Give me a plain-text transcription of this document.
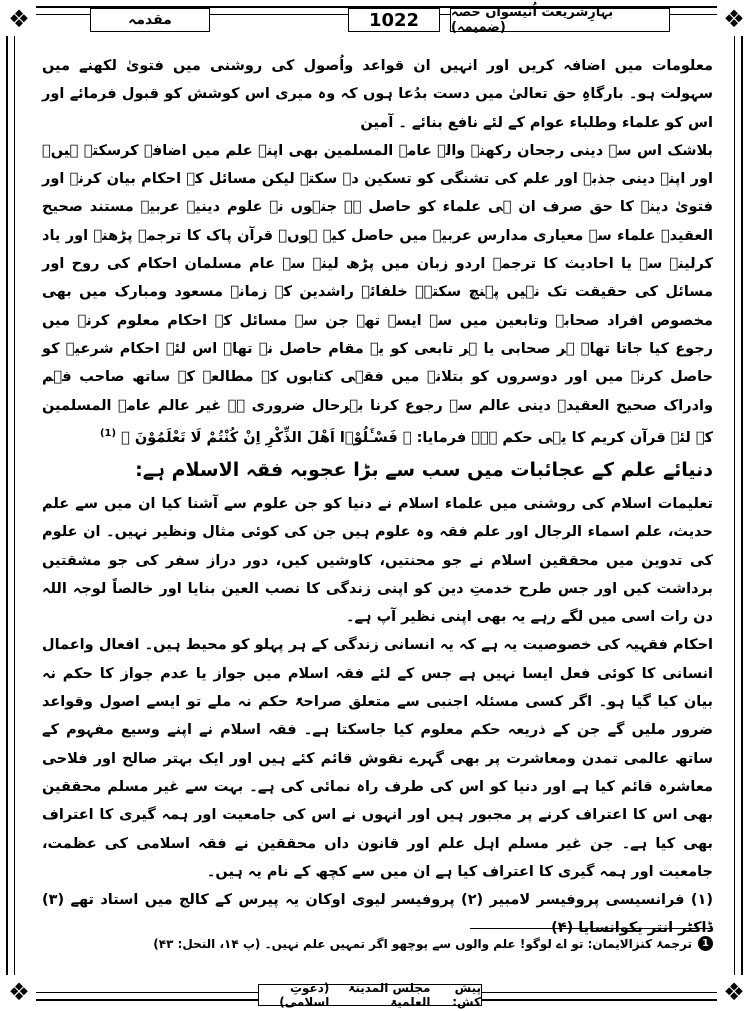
❖	❖
❖	❖
مقدمہ	1022	بہارِشریعت اُنیسواں حصہ (ضمیمہ)

معلومات میں اضافہ کریں اور انہیں ان قواعد واُصول کی روشنی میں فتویٰ لکھنے میں سہولت ہو۔ بارگاہِ حق تعالیٰ میں دست بدُعا ہوں کہ وہ میری اس کوشش کو قبول فرمائے اور اس کو علماء وطلباء عوام کے لئے نافع بنائے ۔ آمین

بلاشک اس سے دینی رجحان رکھنے والے عامۃ المسلمین بھی اپنے علم میں اضافہ کرسکتے ہیں۔ اور اپنے دینی جذبے اور علم کی تشنگی کو تسکین دے سکتے لیکن مسائل کے احکام بیان کرنے اور فتویٰ دینے کا حق صرف ان ہی علماء کو حاصل ہے جنہوں نے علوم دینیہ عربیہ مستند صحیح العقیدہ علماء سے معیاری مدارس عربیہ میں حاصل کیے ہوں۔ قرآن پاک کا ترجمہ پڑھنے اور یاد کرلینے سے یا احادیث کا ترجمہ اردو زبان میں پڑھ لینے سے عام مسلمان احکام کی روح اور مسائل کی حقیقت تک نہیں پہنچ سکتے۔ خلفائے راشدین کے زمانہ مسعود ومبارک میں بھی مخصوص افراد صحابہ وتابعین میں سے ایسے تھے جن سے مسائل کے احکام معلوم کرنے میں رجوع کیا جاتا تھا۔ ہر صحابی یا ہر تابعی کو یہ مقام حاصل نہ تھا۔ اس لئے احکام شرعیہ کو حاصل کرنے میں اور دوسروں کو بتلانے میں فقہی کتابوں کے مطالعہ کے ساتھ صاحب فہم وادراک صحیح العقیدہ دینی عالم سے رجوع کرنا بہرحال ضروری ہے غیر عالم عامۃ المسلمین کے لئے قرآن کریم کا یہی حکم ہے۔ فرمایا: ﴿ فَسْـَٔلُوْۤا اَهْلَ الذِّكْرِ اِنْ كُنْتُمْ لَا تَعْلَمُوْنَ ﴾ $^{(1)}$

دنیائے علم کے عجائبات میں سب سے بڑا عجوبہ فقہ الاسلام ہے:

تعلیمات اسلام کی روشنی میں علماء اسلام نے دنیا کو جن علوم سے آشنا کیا ان میں سے علم حدیث، علم اسماء الرجال اور علم فقہ وہ علوم ہیں جن کی کوئی مثال ونظیر نہیں۔ ان علوم کی تدوین میں محققین اسلام نے جو محنتیں، کاوشیں کیں، دور دراز سفر کی جو مشقتیں برداشت کیں اور جس طرح خدمتِ دین کو اپنی زندگی کا نصب العین بنایا اور خالصاً لوجہ اللہ دن رات اسی میں لگے رہے یہ بھی اپنی نظیر آپ ہے۔

احکام فقہیہ کی خصوصیت یہ ہے کہ یہ انسانی زندگی کے ہر پہلو کو محیط ہیں۔ افعال واعمال انسانی کا کوئی فعل ایسا نہیں ہے جس کے لئے فقہ اسلام میں جواز یا عدم جواز کا حکم نہ بیان کیا گیا ہو۔ اگر کسی مسئلہ اجنبی سے متعلق صراحۃً حکم نہ ملے تو ایسے اصول وقواعد ضرور ملیں گے جن کے ذریعہ حکم معلوم کیا جاسکتا ہے۔ فقہ اسلام نے اپنے وسیع مفہوم کے ساتھ عالمی تمدن ومعاشرت پر بھی گہرے نقوش قائم کئے ہیں اور ایک بہتر صالح اور فلاحی معاشرہ قائم کیا ہے اور دنیا کو اس کی طرف راہ نمائی کی ہے۔ بہت سے غیر مسلم محققین بھی اس کا اعتراف کرنے پر مجبور ہیں اور انہوں نے اس کی جامعیت اور ہمہ گیری کا اعتراف بھی کیا ہے۔ جن غیر مسلم اہل علم اور قانون داں محققین نے فقہ اسلامی کی عظمت، جامعیت اور ہمہ گیری کا اعتراف کیا ہے ان میں سے کچھ کے نام یہ ہیں۔

(۱) فرانسیسی پروفیسر لامبیر (۲) پروفیسر لیوی اوکان یہ پیرس کے کالج میں استاد تھے (۳) ڈاکٹر انتر یکوانسایا (۴)

1
ترجمۂ کنزالایمان: تو اے لوگو! علم والوں سے پوچھو اگر تمہیں علم نہیں۔ (پ ۱۴، النحل: ۴۳)
پیش کش:
مجلس المدینۃ العلمیۃ
(دعوتِ اسلامی)
